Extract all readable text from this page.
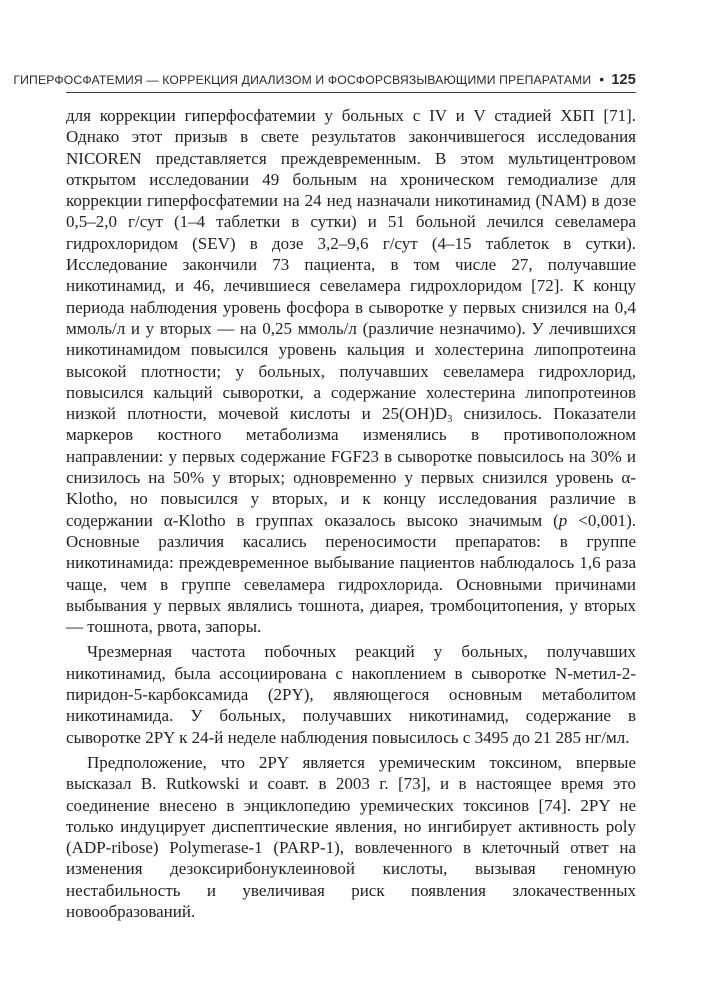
ГИПЕРФОСФАТЕМИЯ — КОРРЕКЦИЯ ДИАЛИЗОМ И ФОСФОРСВЯЗЫВАЮЩИМИ ПРЕПАРАТАМИ • 125

для коррекции гиперфосфатемии у больных с IV и V стадией ХБП [71]. Однако этот призыв в свете результатов закончившегося исследования NICOREN представляется преждевременным. В этом мультицентровом открытом исследовании 49 больным на хроническом гемодиализе для коррекции гиперфосфатемии на 24 нед назначали никотинамид (NAM) в дозе 0,5–2,0 г/сут (1–4 таблетки в сутки) и 51 больной лечился севеламера гидрохлоридом (SEV) в дозе 3,2–9,6 г/сут (4–15 таблеток в сутки). Исследование закончили 73 пациента, в том числе 27, получавшие никотинамид, и 46, лечившиеся севеламера гидрохлоридом [72]. К концу периода наблюдения уровень фосфора в сыворотке у первых снизился на 0,4 ммоль/л и у вторых — на 0,25 ммоль/л (различие незначимо). У лечившихся никотинамидом повысился уровень кальция и холестерина липопротеина высокой плотности; у больных, получавших севеламера гидрохлорид, повысился кальций сыворотки, а содержание холестерина липопротеинов низкой плотности, мочевой кислоты и $25(OH)D_3$ снизилось. Показатели маркеров костного метаболизма изменялись в противоположном направлении: у первых содержание FGF23 в сыворотке повысилось на 30% и снизилось на 50% у вторых; одновременно у первых снизился уровень α-Klotho, но повысился у вторых, и к концу исследования различие в содержании α-Klotho в группах оказалось высоко значимым (p <0,001). Основные различия касались переносимости препаратов: в группе никотинамида: преждевременное выбывание пациентов наблюдалось 1,6 раза чаще, чем в группе севеламера гидрохлорида. Основными причинами выбывания у первых являлись тошнота, диарея, тромбоцитопения, у вторых — тошнота, рвота, запоры.

Чрезмерная частота побочных реакций у больных, получавших никотинамид, была ассоциирована с накоплением в сыворотке N-метил-2-пиридон-5-карбоксамида (2PY), являющегося основным метаболитом никотинамида. У больных, получавших никотинамид, содержание в сыворотке 2PY к 24-й неделе наблюдения повысилось с 3495 до 21 285 нг/мл.

Предположение, что 2PY является уремическим токсином, впервые высказал B. Rutkowski и соавт. в 2003 г. [73], и в настоящее время это соединение внесено в энциклопедию уремических токсинов [74]. 2PY не только индуцирует диспептические явления, но ингибирует активность poly (ADP-ribose) Polymerase-1 (PARP-1), вовлеченного в клеточный ответ на изменения дезоксирибонуклеиновой кислоты, вызывая геномную нестабильность и увеличивая риск появления злокачественных новообразований.
